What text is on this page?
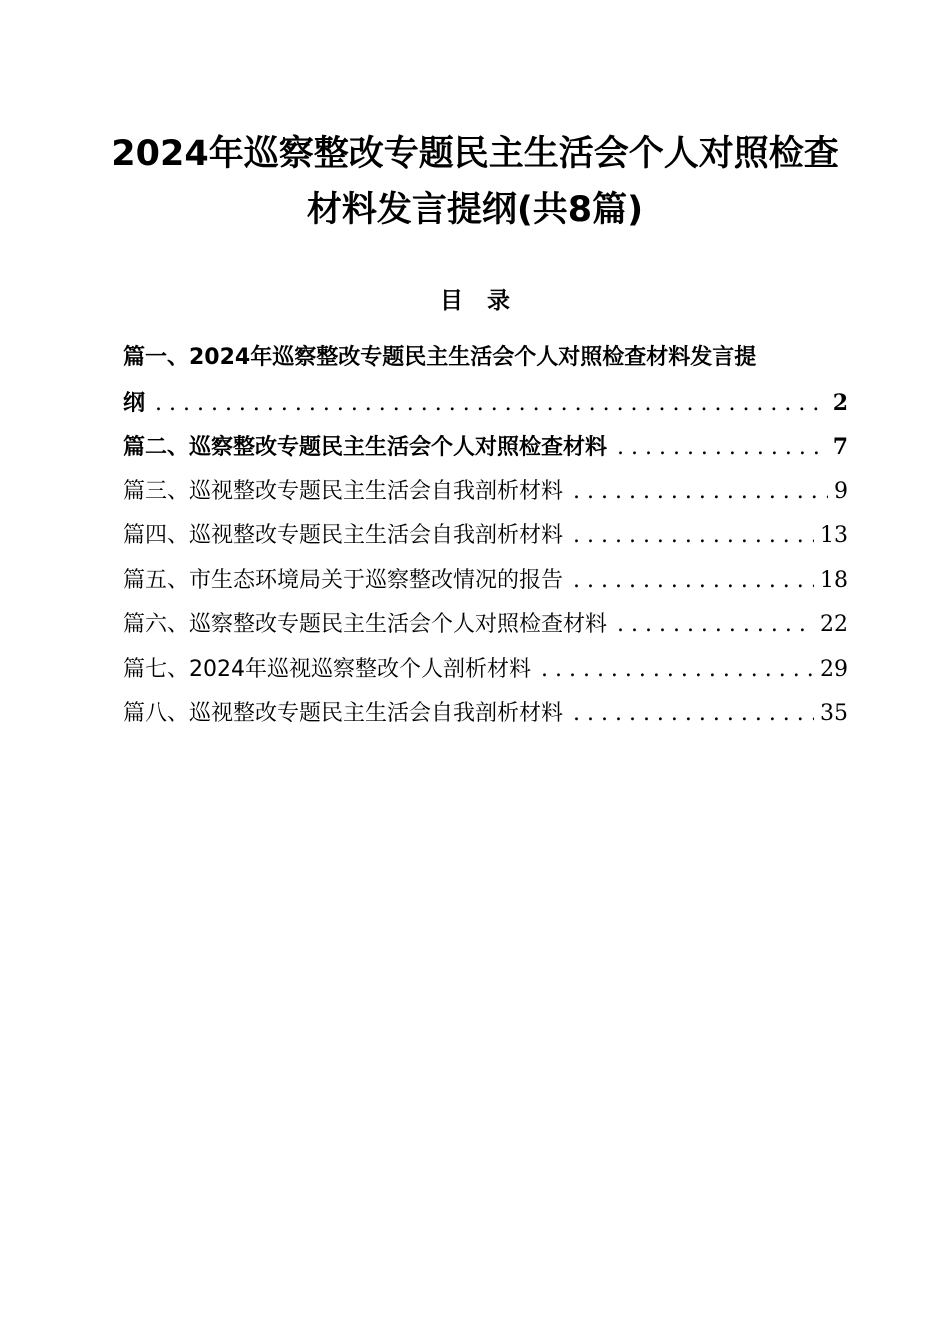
2024年巡察整改专题民主生活会个人对照检查
材料发言提纲(共8篇)
目录
篇一、2024年巡察整改专题民主生活会个人对照检查材料发言提
纲 . . .	2
篇二、巡察整改专题民主生活会个人对照检查材料 . . .	7
篇三、巡视整改专题民主生活会自我剖析材料 . . .	9
篇四、巡视整改专题民主生活会自我剖析材料 . . .	13
篇五、市生态环境局关于巡察整改情况的报告 . . .	18
篇六、巡察整改专题民主生活会个人对照检查材料 . . .	22
篇七、2024年巡视巡察整改个人剖析材料 . . .	29
篇八、巡视整改专题民主生活会自我剖析材料 . . .	35
